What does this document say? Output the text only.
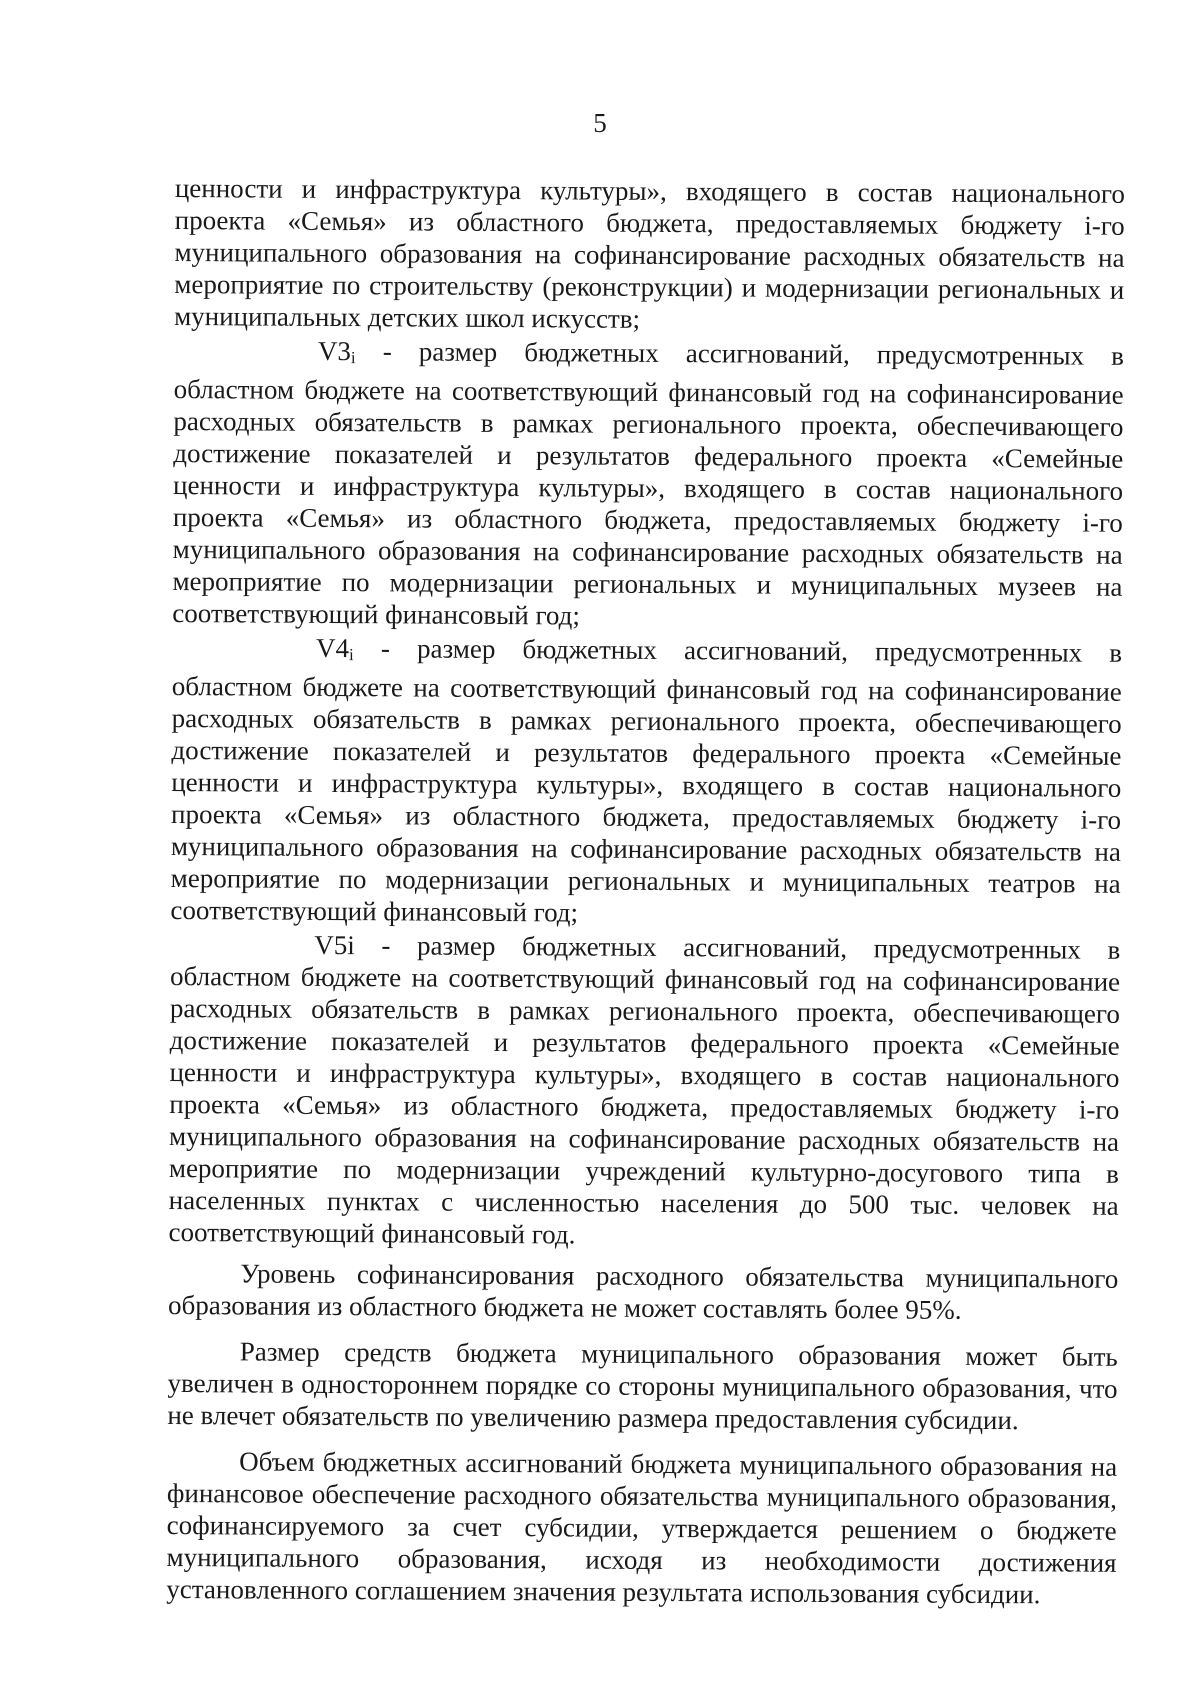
5

ценности и инфраструктура культуры», входящего в состав национального проекта «Семья» из областного бюджета, предоставляемых бюджету i-го муниципального образования на софинансирование расходных обязательств на мероприятие по строительству (реконструкции) и модернизации региональных и муниципальных детских школ искусств;

V3i - размер бюджетных ассигнований, предусмотренных в областном бюджете на соответствующий финансовый год на софинансирование расходных обязательств в рамках регионального проекта, обеспечивающего достижение показателей и результатов федерального проекта «Семейные ценности и инфраструктура культуры», входящего в состав национального проекта «Семья» из областного бюджета, предоставляемых бюджету i-го муниципального образования на софинансирование расходных обязательств на мероприятие по модернизации региональных и муниципальных музеев на соответствующий финансовый год;

V4i - размер бюджетных ассигнований, предусмотренных в областном бюджете на соответствующий финансовый год на софинансирование расходных обязательств в рамках регионального проекта, обеспечивающего достижение показателей и результатов федерального проекта «Семейные ценности и инфраструктура культуры», входящего в состав национального проекта «Семья» из областного бюджета, предоставляемых бюджету i-го муниципального образования на софинансирование расходных обязательств на мероприятие по модернизации региональных и муниципальных театров на соответствующий финансовый год;

V5i - размер бюджетных ассигнований, предусмотренных в областном бюджете на соответствующий финансовый год на софинансирование расходных обязательств в рамках регионального проекта, обеспечивающего достижение показателей и результатов федерального проекта «Семейные ценности и инфраструктура культуры», входящего в состав национального проекта «Семья» из областного бюджета, предоставляемых бюджету i-го муниципального образования на софинансирование расходных обязательств на мероприятие по модернизации учреждений культурно-досугового типа в населенных пунктах с численностью населения до 500 тыс. человек на соответствующий финансовый год.

Уровень софинансирования расходного обязательства муниципального образования из областного бюджета не может составлять более 95%.

Размер средств бюджета муниципального образования может быть увеличен в одностороннем порядке со стороны муниципального образования, что не влечет обязательств по увеличению размера предоставления субсидии.

Объем бюджетных ассигнований бюджета муниципального образования на финансовое обеспечение расходного обязательства муниципального образования, софинансируемого за счет субсидии, утверждается решением о бюджете муниципального образования, исходя из необходимости достижения установленного соглашением значения результата использования субсидии.
